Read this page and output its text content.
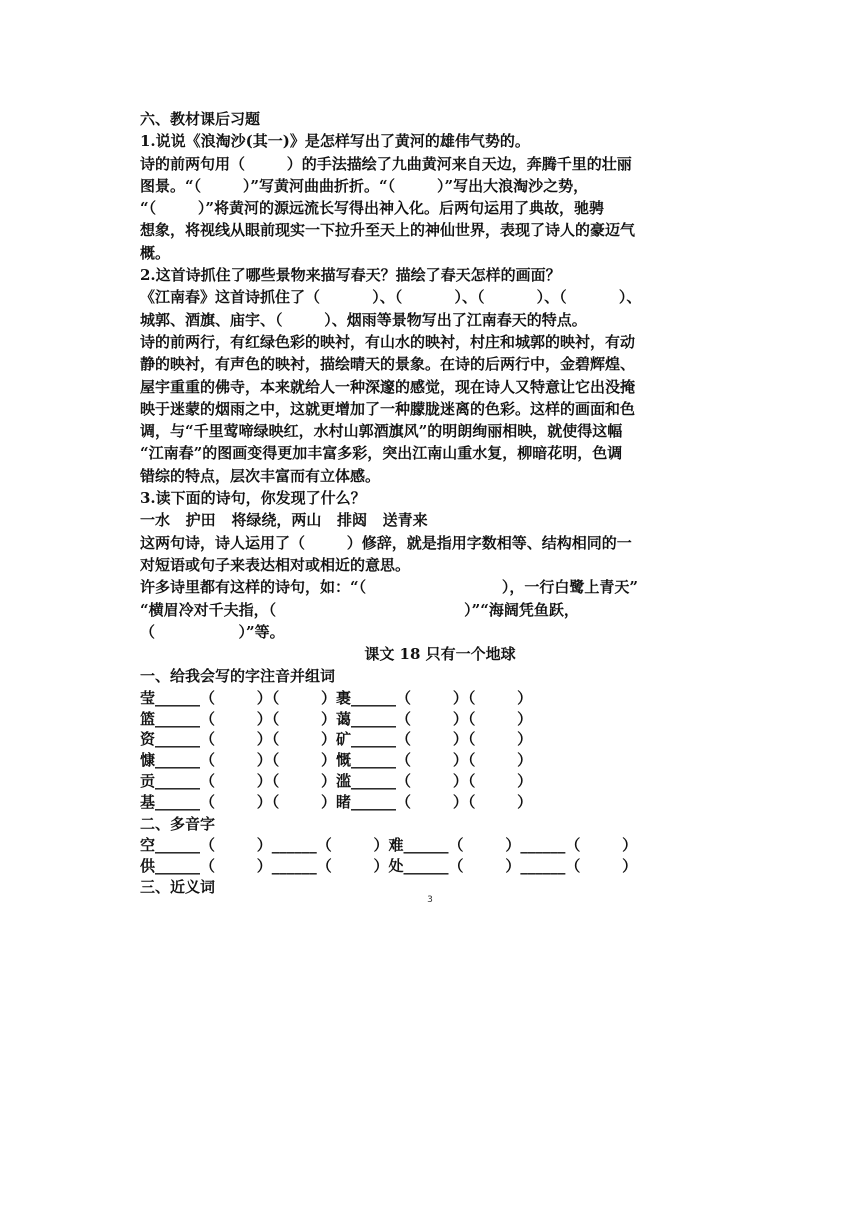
六、教材课后习题
1.说说《浪淘沙(其一)》是怎样写出了黄河的雄伟气势的。
诗的前两句用（        ）的手法描绘了九曲黄河来自天边，奔腾千里的壮丽
图景。“（        ）”写黄河曲曲折折。“（        ）”写出大浪淘沙之势，
“（        ）”将黄河的源远流长写得出神入化。后两句运用了典故，驰骋
想象，将视线从眼前现实一下拉升至天上的神仙世界，表现了诗人的豪迈气
概。
2.这首诗抓住了哪些景物来描写春天？描绘了春天怎样的画面？
《江南春》这首诗抓住了（          ）、（          ）、（          ）、（          ）、
城郭、酒旗、庙宇、（        ）、烟雨等景物写出了江南春天的特点。
诗的前两行，有红绿色彩的映衬，有山水的映衬，村庄和城郭的映衬，有动
静的映衬，有声色的映衬，描绘晴天的景象。在诗的后两行中，金碧辉煌、
屋宇重重的佛寺，本来就给人一种深邃的感觉，现在诗人又特意让它出没掩
映于迷蒙的烟雨之中，这就更增加了一种朦胧迷离的色彩。这样的画面和色
调，与“千里莺啼绿映红，水村山郭酒旗风”的明朗绚丽相映，就使得这幅
“江南春”的图画变得更加丰富多彩，突出江南山重水复，柳暗花明，色调
错综的特点，层次丰富而有立体感。
3.读下面的诗句，你发现了什么？
一水   护田   将绿绕，两山   排闼   送青来
这两句诗，诗人运用了（        ）修辞，就是指用字数相等、结构相同的一
对短语或句子来表达相对或相近的意思。
许多诗里都有这样的诗句，如：“（                          ），一行白鹭上青天”
“横眉冷对千夫指，（                                    ）”“海阔凭鱼跃，
（                ）”等。
课文 18 只有一个地球
一、给我会写的字注音并组词
莹______（        ）（        ）裹______（        ）（        ）
篮______（        ）（        ）蔼______（        ）（        ）
资______（        ）（        ）矿______（        ）（        ）
慷______（        ）（        ）慨______（        ）（        ）
贡______（        ）（        ）滥______（        ）（        ）
基______（        ）（        ）睹______（        ）（        ）
二、多音字
空______（        ）______（        ）难______（        ）______（        ）
供______（        ）______（        ）处______（        ）______（        ）
三、近义词
3
